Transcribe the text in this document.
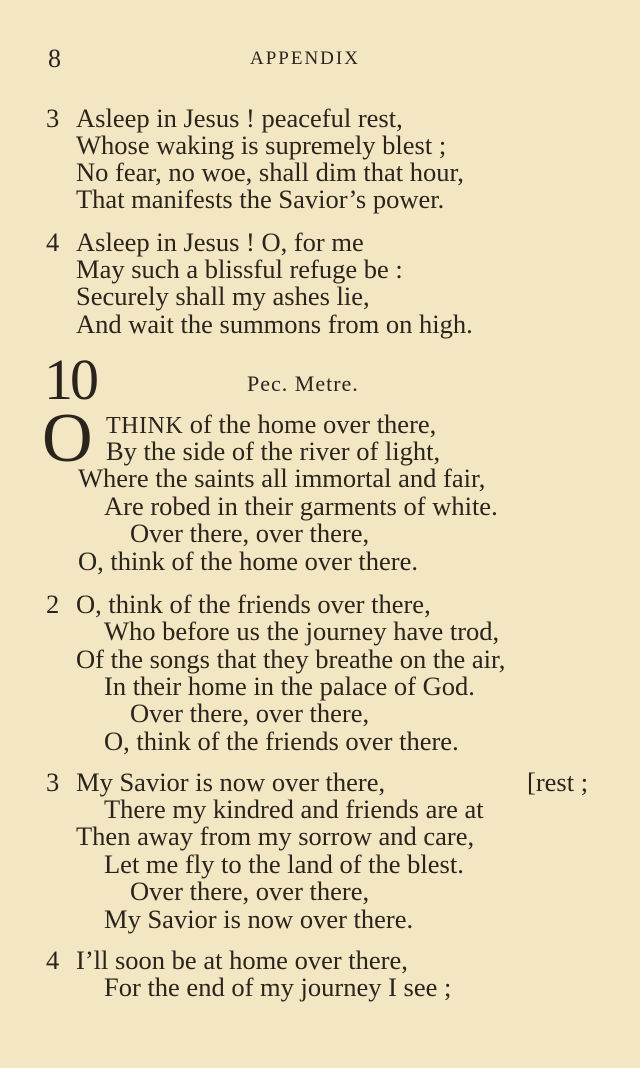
8	APPENDIX
3 Asleep in Jesus ! peaceful rest,
Whose waking is supremely blest ;
No fear, no woe, shall dim that hour,
That manifests the Savior’s power.
4 Asleep in Jesus ! O, for me
May such a blissful refuge be :
Securely shall my ashes lie,
And wait the summons from on high.
10	Pec. Metre.
O THINK of the home over there,
By the side of the river of light,
Where the saints all immortal and fair,
Are robed in their garments of white.
Over there, over there,
O, think of the home over there.
2 O, think of the friends over there,
Who before us the journey have trod,
Of the songs that they breathe on the air,
In their home in the palace of God.
Over there, over there,
O, think of the friends over there.
3 My Savior is now over there,	[rest ;
There my kindred and friends are at
Then away from my sorrow and care,
Let me fly to the land of the blest.
Over there, over there,
My Savior is now over there.
4 I’ll soon be at home over there,
For the end of my journey I see ;
